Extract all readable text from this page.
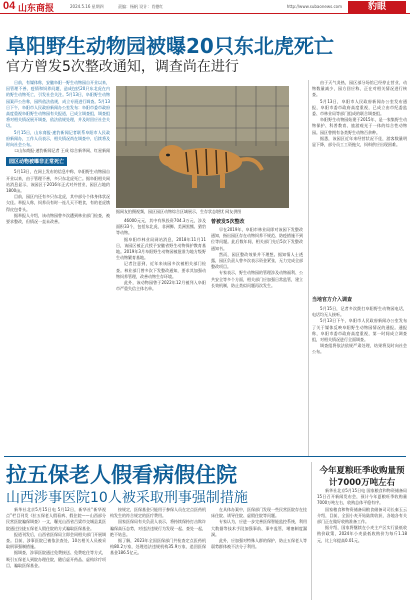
04 山东商报	2024.5.16 星期四	责编：杨帆 设计：肖德红	http://www.subaonews.com	豹眼
阜阳野生动物园被曝20只东北虎死亡
官方曾发5次整改通知，调查尚在进行

日前，有媒体称，安徽阜阳一野生动物园自开业以来，因管理不善、疫情和饲养问题，造成包括20只东北虎在内的野生动物死亡，引发社会关注。5月13日，阜阳野生动物园案声公告称，园所依法依规，成立专班进行调查。5月13日下午，阜阳市人民政府新闻办公室发布：阜阳市委市政府高度重视阜阳野生动物园有关报道，已成立调查组，调查组将对相关情况展开调查，依法依规处理，并及时回应社会关切。

5月15日，山东商报·速豹新闻记者联系阜阳市人民政府新闻办，工作人员表示，相关情况尚在调查中，后续将及时向社会公布。

☐山东商报·速豹新闻记者 王成 综合新华网、红星新闻

园区动物被曝非正常死亡

5月13日，在网上发布的信息中称，阜阳野生动物园自开业以来，由于管理不善，多只东北虎死亡。据阜阳相关网站消息显示，该园区于2016年正式对外营业，园区占地约1800亩。

目前，园区内还有多只东北虎，其中部分个体身体状况欠佳。举报人称，饲养员有时一连几天不喂食，有的老虎饿得皮包骨头。

据举报人介绍，该动物园曾多次遭到林业部门检查，被要求整改，但情况一直未改善。

据网友拍摄视频，园区园区动物综合区域展示，生存状态堪忧 网友供图

46000元元，其中有纵投资704.3万元，涉及面积33个，包括东北虎、非洲狮、美洲黑熊、猎豹等动物。

据阜阳市林业局网站消息，2018年11月11日，该园区被正式授予安徽省野生动物保护教育基地。2019年3月阜阳野生动物园被批准为地方级野生动物繁育基地。

记者注意到，近年来该园多次被相关部门检查。林业部门曾多次下发整改通知，要求其加强动物饲养管理，改善动物生存环境。

此外，该动物园曾于2022年12月被列入阜阳市严重失信主体名单。

曾被发5次整改

早在2019年，阜阳市林业局即对该园下发整改通知，指出园区存在动物饲养不规范、防疫措施不到位等问题。此后数年间，相关部门先后5次下发整改通知书。

然而，园区整改效果并不理想。据知情人士透露，园区负责人曾多次表示资金紧张，无力完成全部整改项目。

专家表示，野生动物园的管理涉及动物福利、公共安全等多个方面，相关部门应加强日常监管，建立长效机制，防止类似问题再次发生。

由于天气炎热，园区部分场馆已经停止营业，动物数量减少，园方回应称，正在对相关情况进行核查。

5月13日，阜阳市人民政府新闻办公室发布通报，阜阳市委市政府高度重视，已成立由市纪委监委、市林业局等部门组成的联合调查组。

阜阳野生动物园始建于2015年，是一家集野生动物保护、科普教育、旅游观光于一体的综合性动物园。园区曾拥有各类野生动物百余种。

据悉，该园区近年来经营状况不佳，游客数量明显下降，部分员工工资拖欠，饲料供应出现困难。

当地官方介入调查

5月15日，记者多次拨打阜阳野生动物园电话，电话均无人接听。

5月13日下午，阜阳市人民政府新闻办公室发布了关于媒体反映阜阳野生动物园情况的通报。通报称，阜阳市委市政府高度重视，第一时间成立调查组，对相关情况进行全面调查。

调查组将依法依规严肃处理，结果将及时向社会公布。

拉五保老人假看病假住院
山西涉事医院10人被采取刑事强制措施

新华社北京5月15日电 5月12日，新华社“新华视点”栏目刊发《拉五保老人假看病、假住院——山西部分民营医院骗保调查》一文，曝光山西省吕梁市交城县某医院通过拉拢五保老人假住院的方式骗取医保基金。

报道刊发后，山西省医保局立即会同相关部门开展调查。目前，涉事医院已被依法查处，10名相关人员被采取刑事强制措施。

据调查，涉事医院通过免费接送、免费吃住等方式，吸引五保老人到院办理住院，随后虚开药品、虚构诊疗项目，骗取医保基金。

按规定，医保基金只能用于参保人员在定点医药机构发生的符合规定的医疗费用。

国家医保局有关负责人表示，将持续保持打击欺诈骗保高压态势，对违法违规行为发现一起、查处一起，绝不姑息。

据了解，2023年全国医保部门共检查定点医药机构80.2万家，处理违法违规机构35.9万家，追回医保基金186.5亿元。

在具体办案中，医保部门发现一些民营医院存在挂床住院、诱导住院、虚假住院等问题。

专家认为，应进一步完善医保智能监控系统，利用大数据等技术手段加强事前、事中监管，堵塞制度漏洞。

此外，应加强对特殊人群的保护，防止五保老人等弱势群体被不法分子利用。

今年夏粮旺季收购量预计7000万吨左右

新华社北京5月15日电 国家粮食和物资储备局15日召开新闻发布会，预计今年夏粮旺季收购量7000万吨左右，收购总体平稳有序。

国家粮食和物资储备局粮食储备司司长秦玉云介绍，目前，全国小麦开始陆续收获，各地各有关部门正在做好收购准备工作。

据介绍，国家将继续在小麦主产区实行最低收购价政策，2024年小麦最低收购价为每斤1.18元，比上年提高0.01元。
